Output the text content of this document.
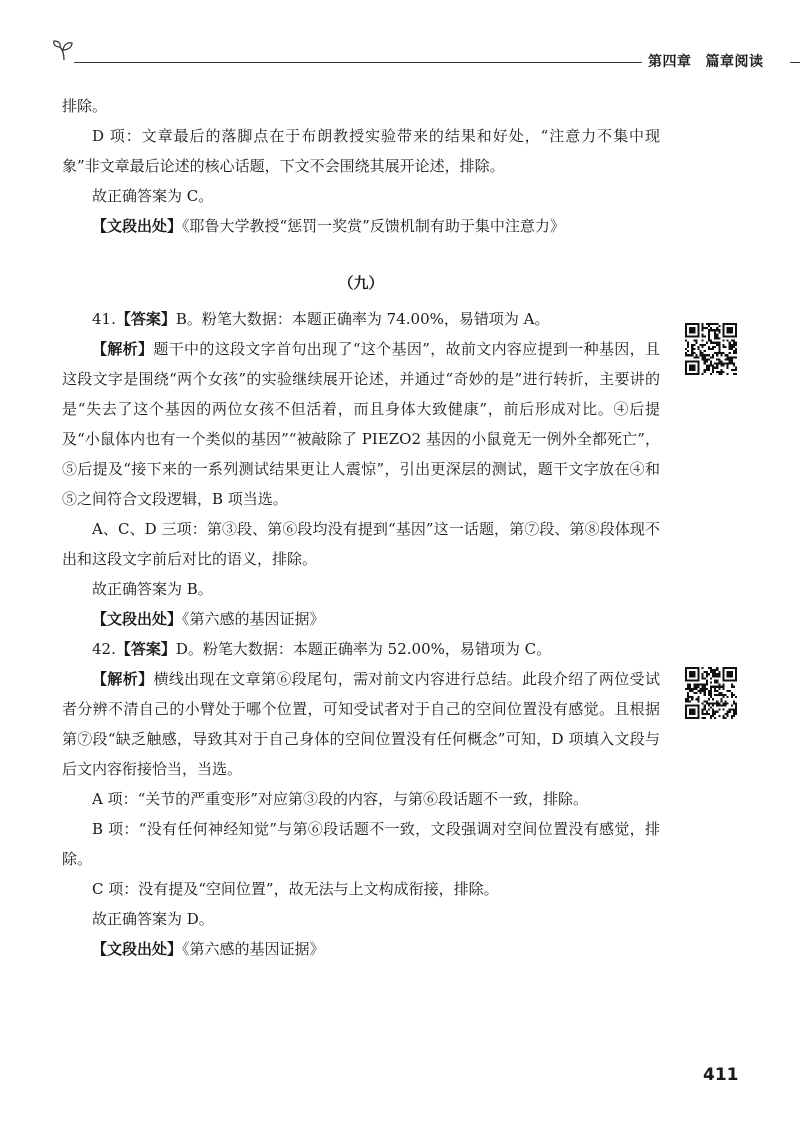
第四章 篇章阅读

排除。

D 项：文章最后的落脚点在于布朗教授实验带来的结果和好处，“注意力不集中现象”非文章最后论述的核心话题，下文不会围绕其展开论述，排除。

故正确答案为 C。

【文段出处】《耶鲁大学教授“惩罚一奖赏”反馈机制有助于集中注意力》

（九）

41.【答案】B。粉笔大数据：本题正确率为 74.00%，易错项为 A。

【解析】题干中的这段文字首句出现了“这个基因”，故前文内容应提到一种基因，且这段文字是围绕“两个女孩”的实验继续展开论述，并通过“奇妙的是”进行转折，主要讲的是“失去了这个基因的两位女孩不但活着，而且身体大致健康”，前后形成对比。④后提及“小鼠体内也有一个类似的基因”“被敲除了 PIEZO2 基因的小鼠竟无一例外全都死亡”，⑤后提及“接下来的一系列测试结果更让人震惊”，引出更深层的测试，题干文字放在④和⑤之间符合文段逻辑，B 项当选。

A、C、D 三项：第③段、第⑥段均没有提到“基因”这一话题，第⑦段、第⑧段体现不出和这段文字前后对比的语义，排除。

故正确答案为 B。

【文段出处】《第六感的基因证据》

42.【答案】D。粉笔大数据：本题正确率为 52.00%，易错项为 C。

【解析】横线出现在文章第⑥段尾句，需对前文内容进行总结。此段介绍了两位受试者分辨不清自己的小臂处于哪个位置，可知受试者对于自己的空间位置没有感觉。且根据第⑦段“缺乏触感，导致其对于自己身体的空间位置没有任何概念”可知，D 项填入文段与后文内容衔接恰当，当选。

A 项：“关节的严重变形”对应第③段的内容，与第⑥段话题不一致，排除。

B 项：“没有任何神经知觉”与第⑥段话题不一致，文段强调对空间位置没有感觉，排除。

C 项：没有提及“空间位置”，故无法与上文构成衔接，排除。

故正确答案为 D。

【文段出处】《第六感的基因证据》

411
